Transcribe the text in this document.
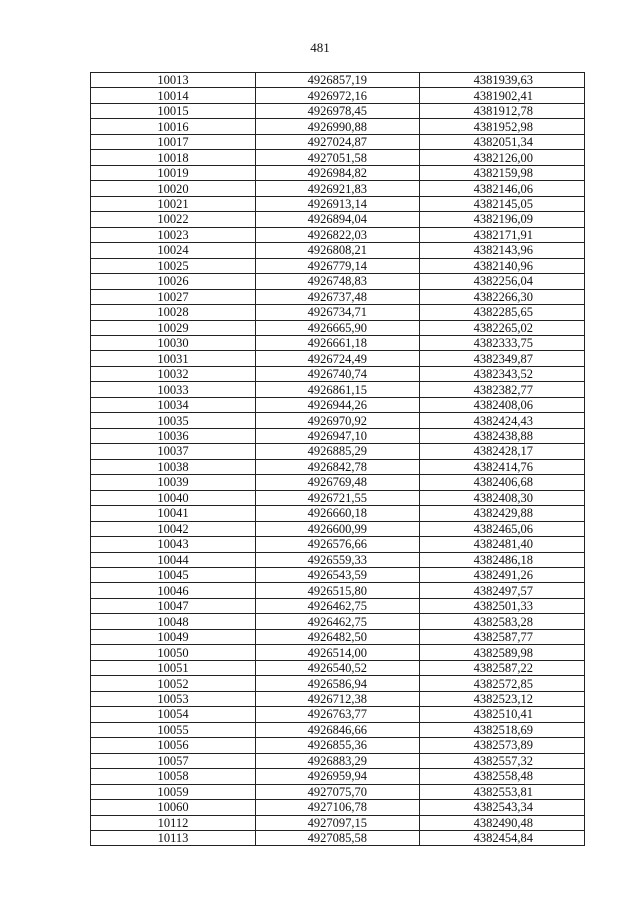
481
10013	4926857,19	4381939,63
10014	4926972,16	4381902,41
10015	4926978,45	4381912,78
10016	4926990,88	4381952,98
10017	4927024,87	4382051,34
10018	4927051,58	4382126,00
10019	4926984,82	4382159,98
10020	4926921,83	4382146,06
10021	4926913,14	4382145,05
10022	4926894,04	4382196,09
10023	4926822,03	4382171,91
10024	4926808,21	4382143,96
10025	4926779,14	4382140,96
10026	4926748,83	4382256,04
10027	4926737,48	4382266,30
10028	4926734,71	4382285,65
10029	4926665,90	4382265,02
10030	4926661,18	4382333,75
10031	4926724,49	4382349,87
10032	4926740,74	4382343,52
10033	4926861,15	4382382,77
10034	4926944,26	4382408,06
10035	4926970,92	4382424,43
10036	4926947,10	4382438,88
10037	4926885,29	4382428,17
10038	4926842,78	4382414,76
10039	4926769,48	4382406,68
10040	4926721,55	4382408,30
10041	4926660,18	4382429,88
10042	4926600,99	4382465,06
10043	4926576,66	4382481,40
10044	4926559,33	4382486,18
10045	4926543,59	4382491,26
10046	4926515,80	4382497,57
10047	4926462,75	4382501,33
10048	4926462,75	4382583,28
10049	4926482,50	4382587,77
10050	4926514,00	4382589,98
10051	4926540,52	4382587,22
10052	4926586,94	4382572,85
10053	4926712,38	4382523,12
10054	4926763,77	4382510,41
10055	4926846,66	4382518,69
10056	4926855,36	4382573,89
10057	4926883,29	4382557,32
10058	4926959,94	4382558,48
10059	4927075,70	4382553,81
10060	4927106,78	4382543,34
10112	4927097,15	4382490,48
10113	4927085,58	4382454,84
